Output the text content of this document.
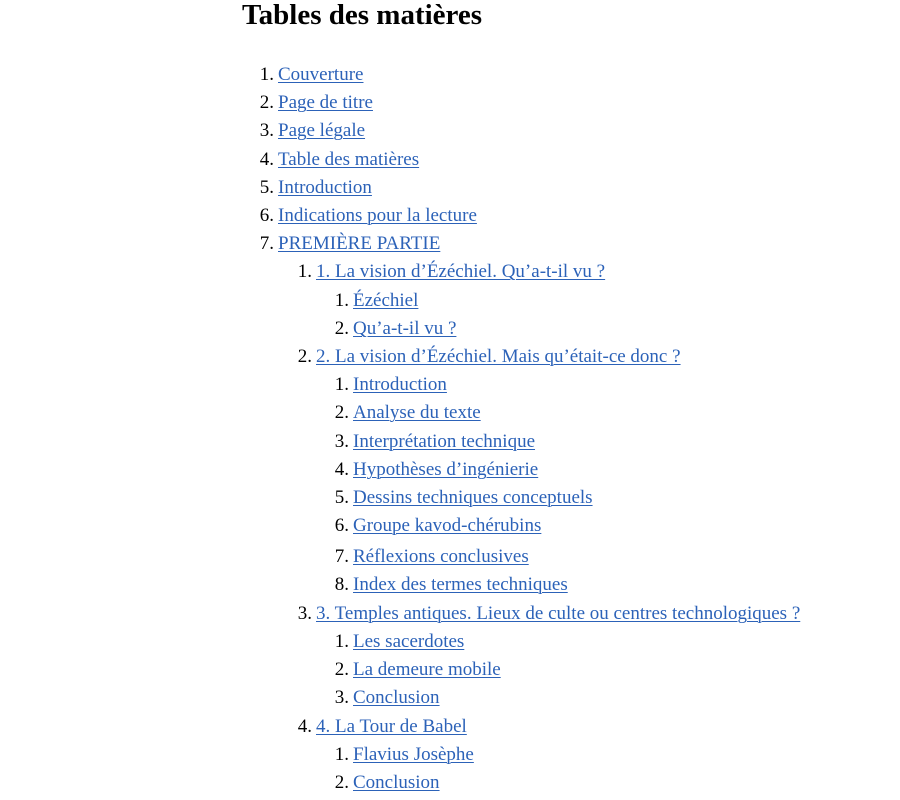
Tables des matières
1. Couverture
2. Page de titre
3. Page légale
4. Table des matières
5. Introduction
6. Indications pour la lecture
7. PREMIÈRE PARTIE
1. 1. La vision d’Ézéchiel. Qu’a-t-il vu ?
1. Ézéchiel
2. Qu’a-t-il vu ?
2. 2. La vision d’Ézéchiel. Mais qu’était-ce donc ?
1. Introduction
2. Analyse du texte
3. Interprétation technique
4. Hypothèses d’ingénierie
5. Dessins techniques conceptuels
6. Groupe kavod-chérubins
7. Réflexions conclusives
8. Index des termes techniques
3. 3. Temples antiques. Lieux de culte ou centres technologiques ?
1. Les sacerdotes
2. La demeure mobile
3. Conclusion
4. 4. La Tour de Babel
1. Flavius Josèphe
2. Conclusion
